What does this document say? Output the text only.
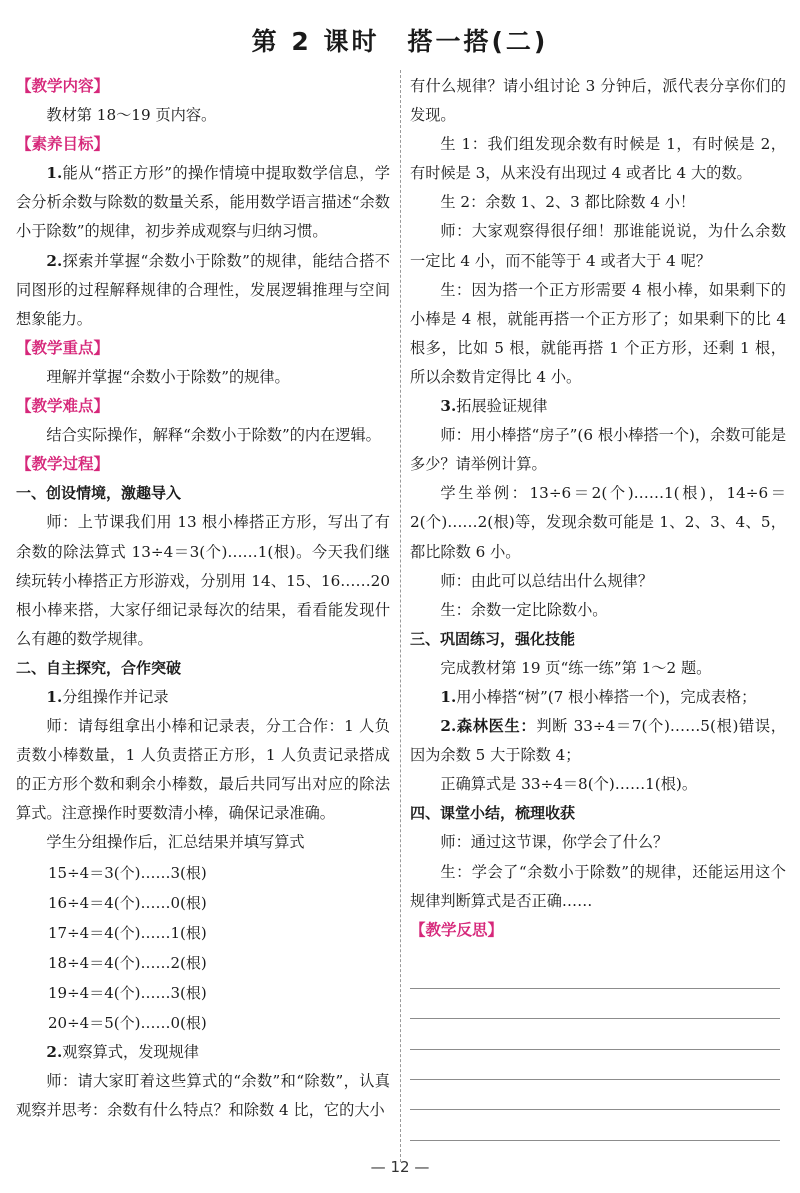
第 2 课时　搭一搭(二)

【教学内容】

教材第 18～19 页内容。

【素养目标】

1.能从“搭正方形”的操作情境中提取数学信息，学会分析余数与除数的数量关系，能用数学语言描述“余数小于除数”的规律，初步养成观察与归纳习惯。

2.探索并掌握“余数小于除数”的规律，能结合搭不同图形的过程解释规律的合理性，发展逻辑推理与空间想象能力。

【教学重点】

理解并掌握“余数小于除数”的规律。

【教学难点】

结合实际操作，解释“余数小于除数”的内在逻辑。

【教学过程】

一、创设情境，激趣导入

师：上节课我们用 13 根小棒搭正方形，写出了有余数的除法算式 13÷4＝3(个)……1(根)。今天我们继续玩转小棒搭正方形游戏，分别用 14、15、16……20 根小棒来搭，大家仔细记录每次的结果，看看能发现什么有趣的数学规律。

二、自主探究，合作突破

1.分组操作并记录

师：请每组拿出小棒和记录表，分工合作：1 人负责数小棒数量，1 人负责搭正方形，1 人负责记录搭成的正方形个数和剩余小棒数，最后共同写出对应的除法算式。注意操作时要数清小棒，确保记录准确。

学生分组操作后，汇总结果并填写算式

15÷4＝3(个)……3(根)

16÷4＝4(个)……0(根)

17÷4＝4(个)……1(根)

18÷4＝4(个)……2(根)

19÷4＝4(个)……3(根)

20÷4＝5(个)……0(根)

2.观察算式，发现规律

师：请大家盯着这些算式的“余数”和“除数”，认真观察并思考：余数有什么特点？和除数 4 比，它的大小

有什么规律？请小组讨论 3 分钟后，派代表分享你们的发现。

生 1：我们组发现余数有时候是 1，有时候是 2，有时候是 3，从来没有出现过 4 或者比 4 大的数。

生 2：余数 1、2、3 都比除数 4 小！

师：大家观察得很仔细！那谁能说说，为什么余数一定比 4 小，而不能等于 4 或者大于 4 呢？

生：因为搭一个正方形需要 4 根小棒，如果剩下的小棒是 4 根，就能再搭一个正方形了；如果剩下的比 4 根多，比如 5 根，就能再搭 1 个正方形，还剩 1 根，所以余数肯定得比 4 小。

3.拓展验证规律

师：用小棒搭“房子”(6 根小棒搭一个)，余数可能是多少？请举例计算。

学生举例：13÷6＝2(个)……1(根)，14÷6＝2(个)……2(根)等，发现余数可能是 1、2、3、4、5，都比除数 6 小。

师：由此可以总结出什么规律？

生：余数一定比除数小。

三、巩固练习，强化技能

完成教材第 19 页“练一练”第 1～2 题。

1.用小棒搭“树”(7 根小棒搭一个)，完成表格；

2.森林医生：判断 33÷4＝7(个)……5(根)错误，因为余数 5 大于除数 4；

正确算式是 33÷4＝8(个)……1(根)。

四、课堂小结，梳理收获

师：通过这节课，你学会了什么？

生：学会了“余数小于除数”的规律，还能运用这个规律判断算式是否正确……

【教学反思】

— 12 —
